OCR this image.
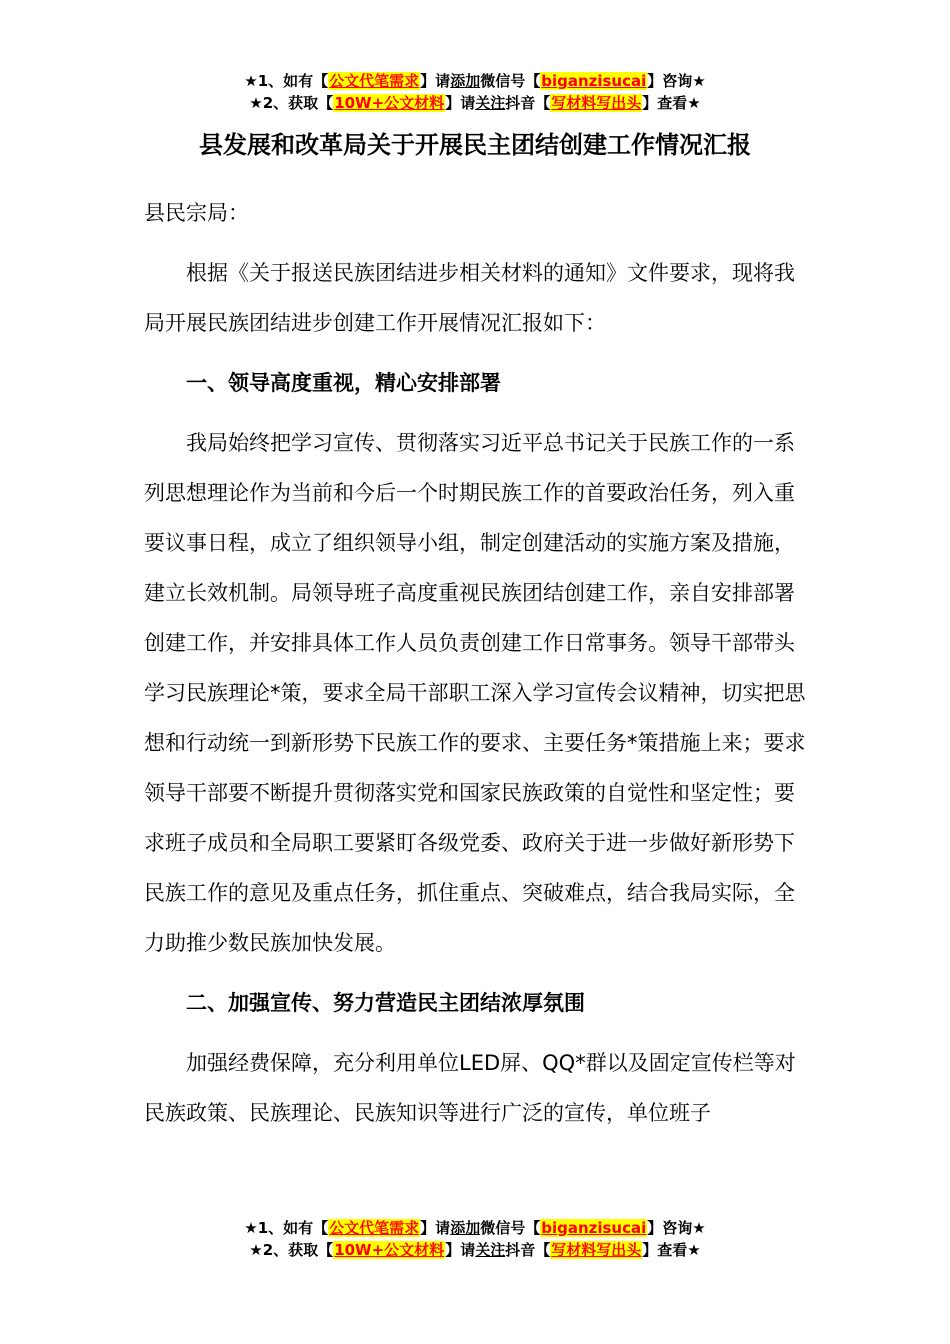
★1、如有【公文代笔需求】请添加微信号【biganzisucai】咨询★
★2、获取【10W+公文材料】请关注抖音【写材料写出头】查看★
县发展和改革局关于开展民主团结创建工作情况汇报

县民宗局：

根据《关于报送民族团结进步相关材料的通知》文件要求，现将我局开展民族团结进步创建工作开展情况汇报如下：

一、领导高度重视，精心安排部署

我局始终把学习宣传、贯彻落实习近平总书记关于民族工作的一系列思想理论作为当前和今后一个时期民族工作的首要政治任务，列入重要议事日程，成立了组织领导小组，制定创建活动的实施方案及措施，建立长效机制。局领导班子高度重视民族团结创建工作，亲自安排部署创建工作，并安排具体工作人员负责创建工作日常事务。领导干部带头学习民族理论*策，要求全局干部职工深入学习宣传会议精神，切实把思想和行动统一到新形势下民族工作的要求、主要任务*策措施上来；要求领导干部要不断提升贯彻落实党和国家民族政策的自觉性和坚定性；要求班子成员和全局职工要紧盯各级党委、政府关于进一步做好新形势下民族工作的意见及重点任务，抓住重点、突破难点，结合我局实际，全力助推少数民族加快发展。

二、加强宣传、努力营造民主团结浓厚氛围

加强经费保障，充分利用单位LED屏、QQ*群以及固定宣传栏等对民族政策、民族理论、民族知识等进行广泛的宣传，单位班子

★1、如有【公文代笔需求】请添加微信号【biganzisucai】咨询★
★2、获取【10W+公文材料】请关注抖音【写材料写出头】查看★
